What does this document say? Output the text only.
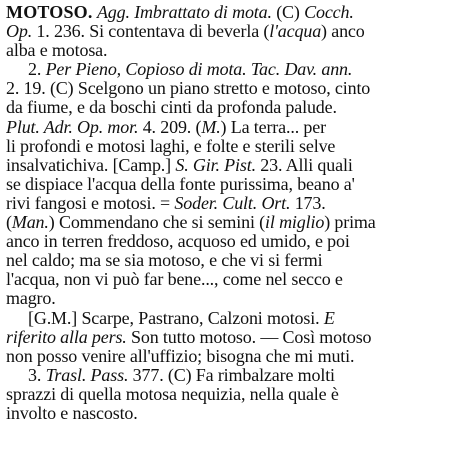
MOTOSO. Agg. Imbrattato di mota. (C) Cocch.
Op. 1. 236. Si contentava di beverla (l'acqua) anco
alba e motosa.
2. Per Pieno, Copioso di mota. Tac. Dav. ann.
2. 19. (C) Scelgono un piano stretto e motoso, cinto
da fiume, e da boschi cinti da profonda palude.
Plut. Adr. Op. mor. 4. 209. (M.) La terra... per
li profondi e motosi laghi, e folte e sterili selve
insalvatichiva. [Camp.] S. Gir. Pist. 23. Alli quali
se dispiace l'acqua della fonte purissima, beano a'
rivi fangosi e motosi. = Soder. Cult. Ort. 173.
(Man.) Commendano che si semini (il miglio) prima
anco in terren freddoso, acquoso ed umido, e poi
nel caldo; ma se sia motoso, e che vi si fermi
l'acqua, non vi può far bene..., come nel secco e
magro.
[G.M.] Scarpe, Pastrano, Calzoni motosi. E
riferito alla pers. Son tutto motoso. — Così motoso
non posso venire all'uffizio; bisogna che mi muti.
3. Trasl. Pass. 377. (C) Fa rimbalzare molti
sprazzi di quella motosa nequizia, nella quale è
involto e nascosto.
